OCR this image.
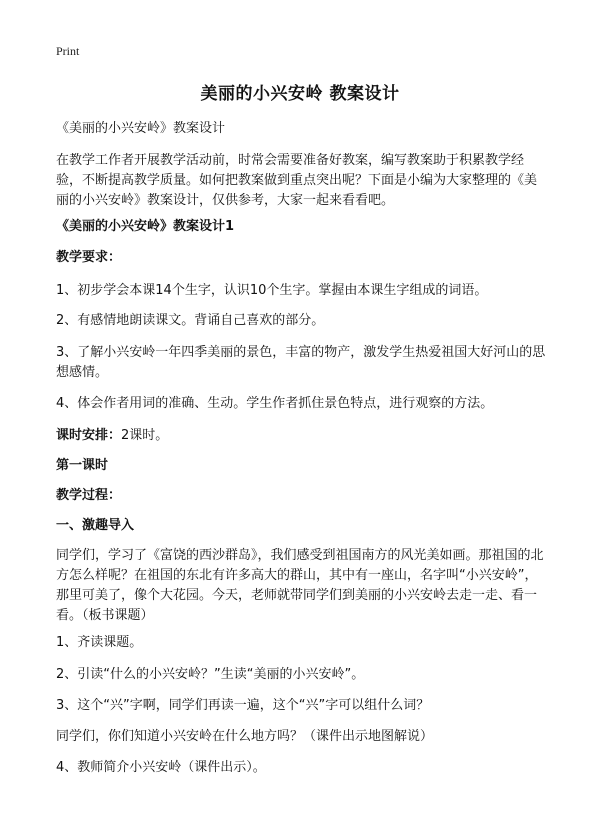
Print
美丽的小兴安岭 教案设计
《美丽的小兴安岭》教案设计
在教学工作者开展教学活动前，时常会需要准备好教案，编写教案助于积累教学经验，不断提高教学质量。如何把教案做到重点突出呢？下面是小编为大家整理的《美丽的小兴安岭》教案设计，仅供参考，大家一起来看看吧。
《美丽的小兴安岭》教案设计1
教学要求：
1、初步学会本课14个生字，认识10个生字。掌握由本课生字组成的词语。
2、有感情地朗读课文。背诵自己喜欢的部分。
3、了解小兴安岭一年四季美丽的景色，丰富的物产，激发学生热爱祖国大好河山的思想感情。
4、体会作者用词的准确、生动。学生作者抓住景色特点，进行观察的方法。
课时安排：2课时。
第一课时
教学过程：
一、激趣导入
同学们，学习了《富饶的西沙群岛》，我们感受到祖国南方的风光美如画。那祖国的北方怎么样呢？在祖国的东北有许多高大的群山，其中有一座山，名字叫“小兴安岭”，那里可美了，像个大花园。今天，老师就带同学们到美丽的小兴安岭去走一走、看一看。（板书课题）
1、齐读课题。
2、引读“什么的小兴安岭？”生读“美丽的小兴安岭”。
3、这个“兴”字啊，同学们再读一遍，这个“兴”字可以组什么词？
同学们，你们知道小兴安岭在什么地方吗？（课件出示地图解说）
4、教师简介小兴安岭（课件出示）。
